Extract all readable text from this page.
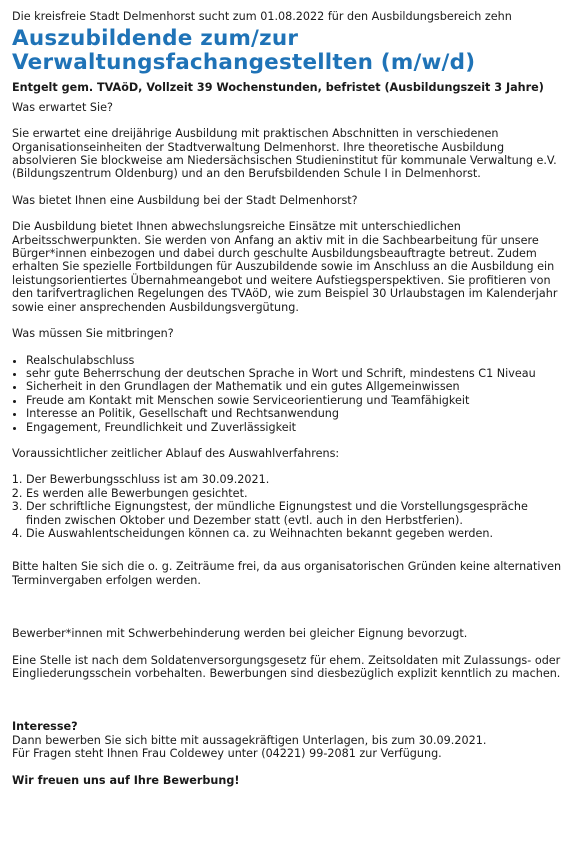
Die kreisfreie Stadt Delmenhorst sucht zum 01.08.2022 für den Ausbildungsbereich zehn

Auszubildende zum/zur
Verwaltungsfachangestellten (m/w/d)

Entgelt gem. TVAöD, Vollzeit 39 Wochenstunden, befristet (Ausbildungszeit 3 Jahre)

Was erwartet Sie?

Sie erwartet eine dreijährige Ausbildung mit praktischen Abschnitten in verschiedenen Organisationseinheiten der Stadtverwaltung Delmenhorst. Ihre theoretische Ausbildung absolvieren Sie blockweise am Niedersächsischen Studieninstitut für kommunale Verwaltung e.V. (Bildungszentrum Oldenburg) und an den Berufsbildenden Schule I in Delmenhorst.

Was bietet Ihnen eine Ausbildung bei der Stadt Delmenhorst?

Die Ausbildung bietet Ihnen abwechslungsreiche Einsätze mit unterschiedlichen Arbeitsschwerpunkten. Sie werden von Anfang an aktiv mit in die Sachbearbeitung für unsere Bürger*innen einbezogen und dabei durch geschulte Ausbildungsbeauftragte betreut. Zudem erhalten Sie spezielle Fortbildungen für Auszubildende sowie im Anschluss an die Ausbildung ein leistungsorientiertes Übernahmeangebot und weitere Aufstiegsperspektiven. Sie profitieren von den tarifvertraglichen Regelungen des TVAöD, wie zum Beispiel 30 Urlaubstagen im Kalenderjahr sowie einer ansprechenden Ausbildungsvergütung.

Was müssen Sie mitbringen?

• Realschulabschluss
• sehr gute Beherrschung der deutschen Sprache in Wort und Schrift, mindestens C1 Niveau
• Sicherheit in den Grundlagen der Mathematik und ein gutes Allgemeinwissen
• Freude am Kontakt mit Menschen sowie Serviceorientierung und Teamfähigkeit
• Interesse an Politik, Gesellschaft und Rechtsanwendung
• Engagement, Freundlichkeit und Zuverlässigkeit

Voraussichtlicher zeitlicher Ablauf des Auswahlverfahrens:

1. Der Bewerbungsschluss ist am 30.09.2021.
2. Es werden alle Bewerbungen gesichtet.
3. Der schriftliche Eignungstest, der mündliche Eignungstest und die Vorstellungsgespräche finden zwischen Oktober und Dezember statt (evtl. auch in den Herbstferien).
4. Die Auswahlentscheidungen können ca. zu Weihnachten bekannt gegeben werden.

Bitte halten Sie sich die o. g. Zeiträume frei, da aus organisatorischen Gründen keine alternativen Terminvergaben erfolgen werden.

Bewerber*innen mit Schwerbehinderung werden bei gleicher Eignung bevorzugt.

Eine Stelle ist nach dem Soldatenversorgungsgesetz für ehem. Zeitsoldaten mit Zulassungs- oder Eingliederungsschein vorbehalten. Bewerbungen sind diesbezüglich explizit kenntlich zu machen.

Interesse?

Dann bewerben Sie sich bitte mit aussagekräftigen Unterlagen, bis zum 30.09.2021.

Für Fragen steht Ihnen Frau Coldewey unter (04221) 99-2081 zur Verfügung.

Wir freuen uns auf Ihre Bewerbung!
